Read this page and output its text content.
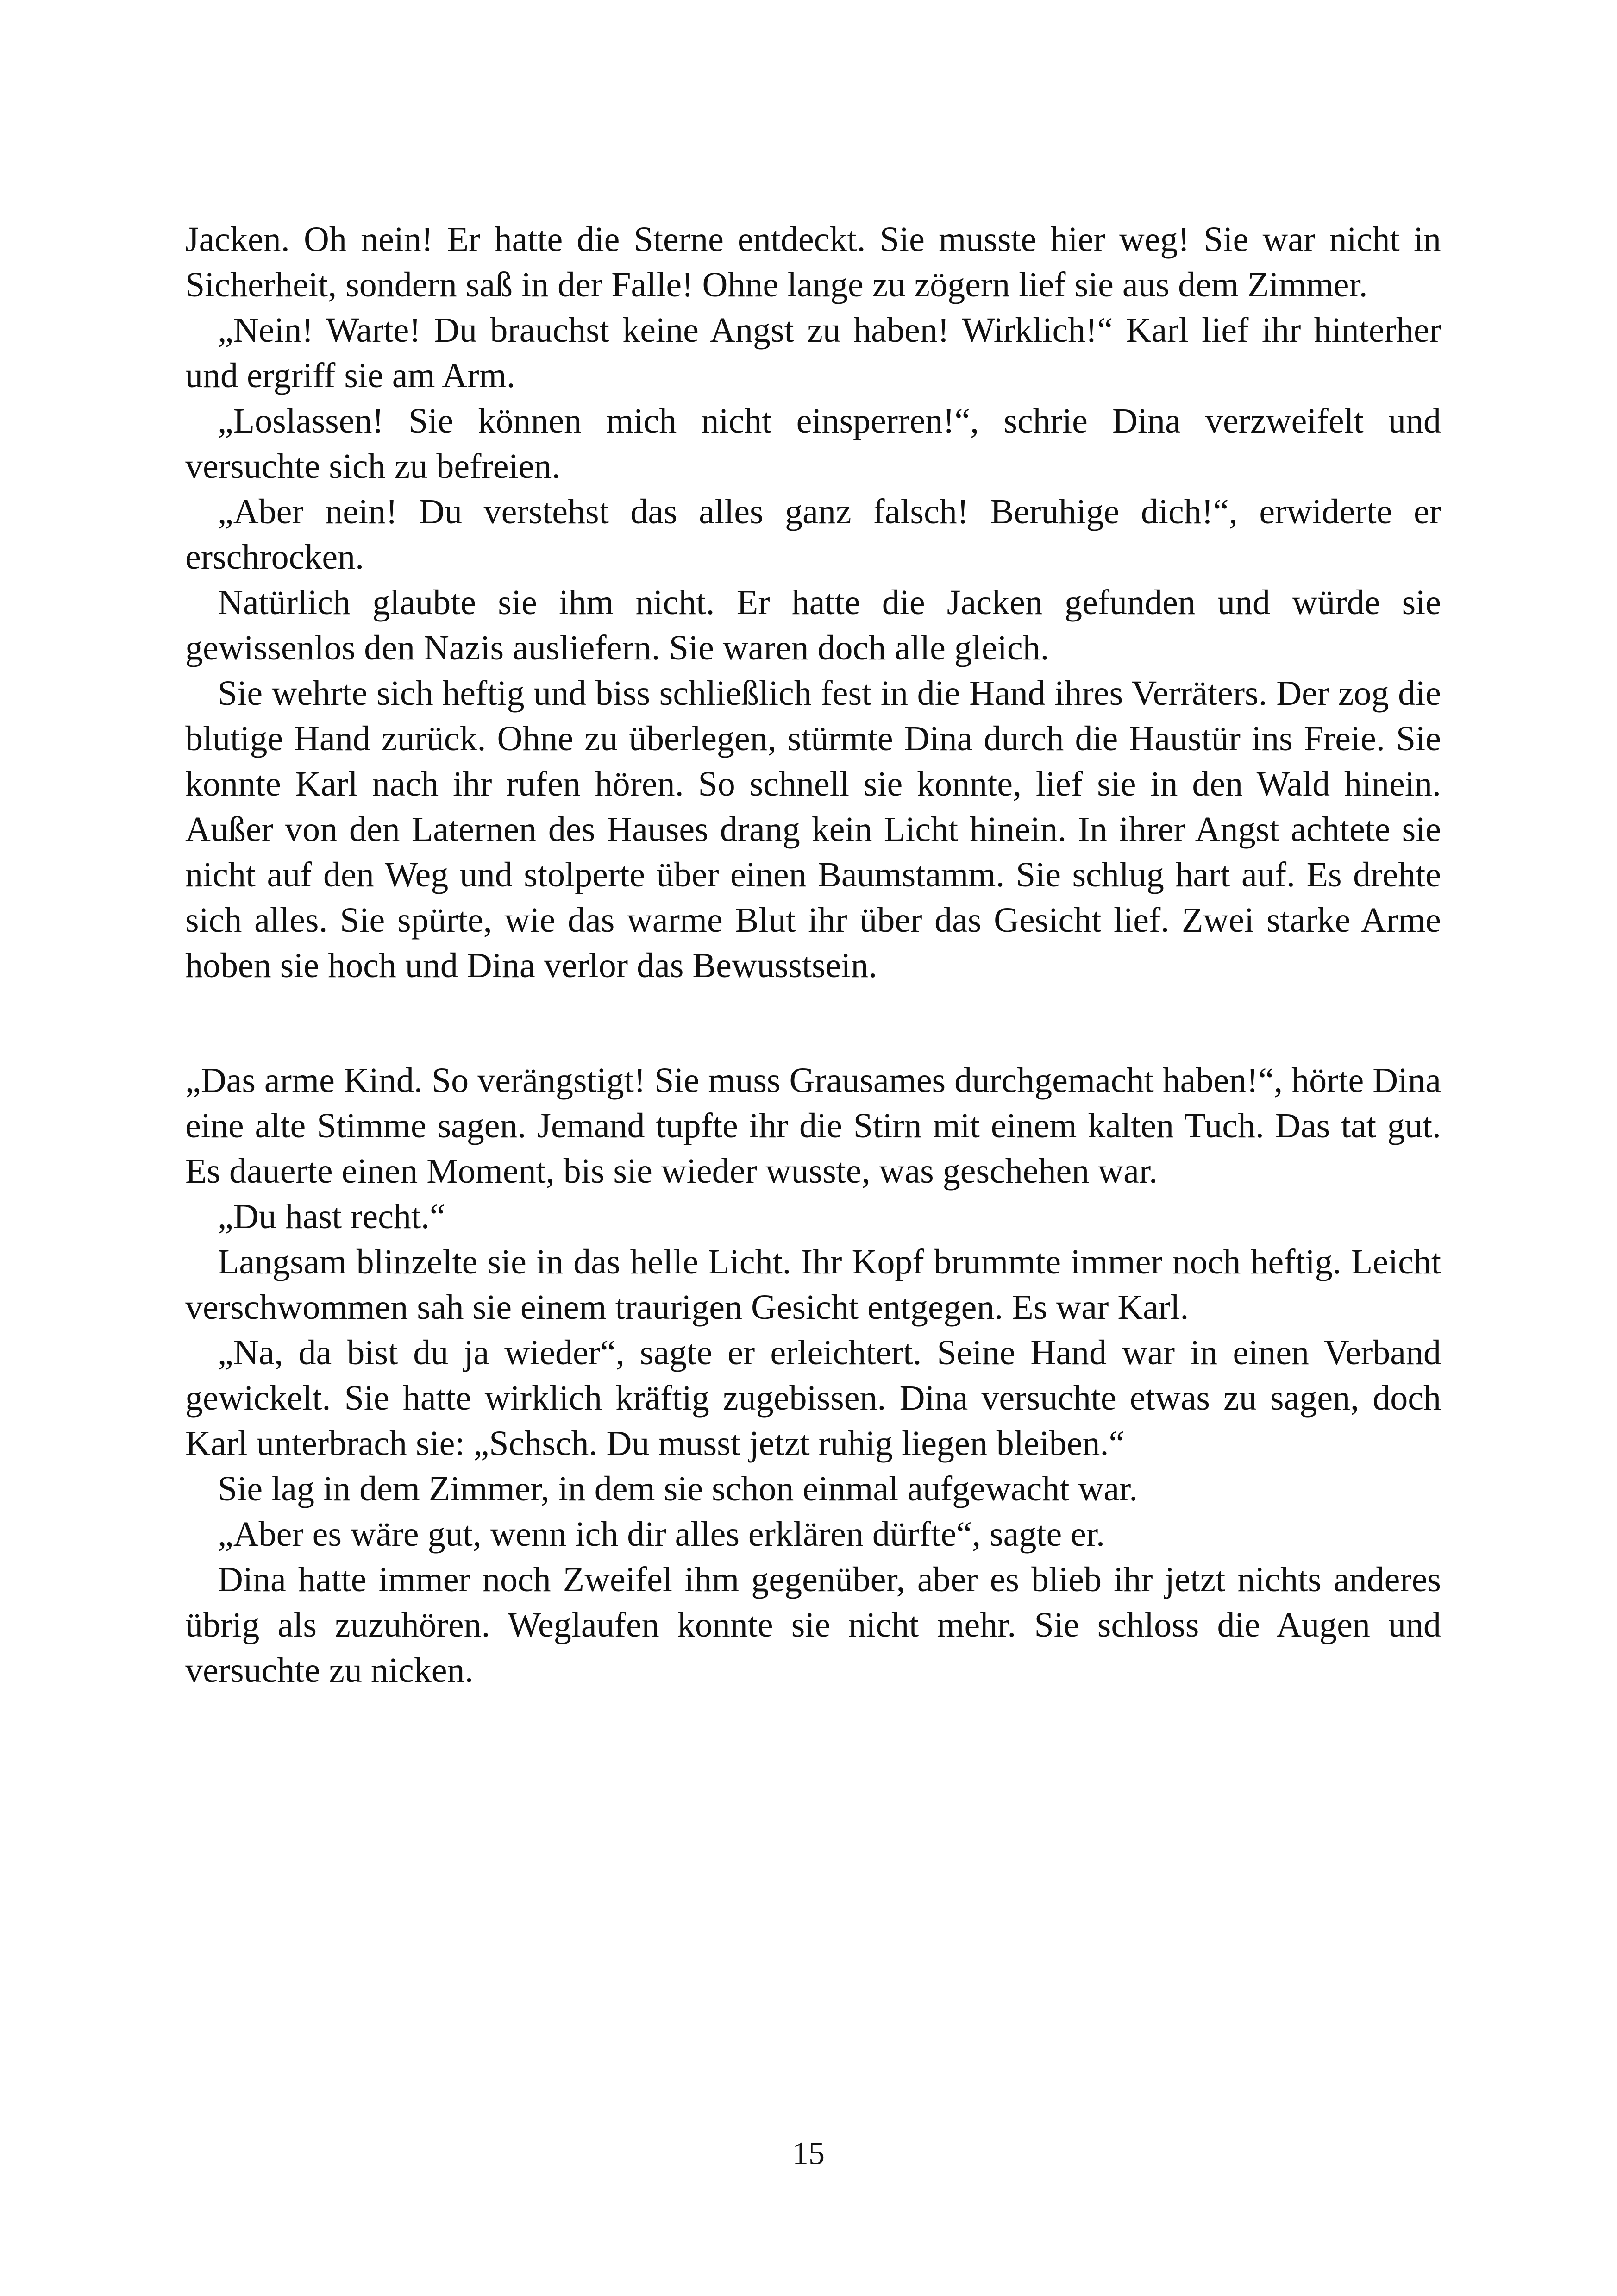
Jacken. Oh nein! Er hatte die Sterne entdeckt. Sie musste hier weg! Sie war nicht in Sicherheit, sondern saß in der Falle! Ohne lange zu zögern lief sie aus dem Zimmer.

„Nein! Warte! Du brauchst keine Angst zu haben! Wirklich!“ Karl lief ihr hinterher und ergriff sie am Arm.

„Loslassen! Sie können mich nicht einsperren!“, schrie Dina verzweifelt und versuchte sich zu befreien.

„Aber nein! Du verstehst das alles ganz falsch! Beruhige dich!“, erwiderte er erschrocken.

Natürlich glaubte sie ihm nicht. Er hatte die Jacken gefunden und würde sie gewissenlos den Nazis ausliefern. Sie waren doch alle gleich.

Sie wehrte sich heftig und biss schließlich fest in die Hand ihres Verräters. Der zog die blutige Hand zurück. Ohne zu überlegen, stürmte Dina durch die Haustür ins Freie. Sie konnte Karl nach ihr rufen hören. So schnell sie konnte, lief sie in den Wald hinein. Außer von den Laternen des Hauses drang kein Licht hinein. In ihrer Angst achtete sie nicht auf den Weg und stolperte über einen Baumstamm. Sie schlug hart auf. Es drehte sich alles. Sie spürte, wie das warme Blut ihr über das Gesicht lief. Zwei starke Arme hoben sie hoch und Dina verlor das Bewusstsein.

„Das arme Kind. So verängstigt! Sie muss Grausames durchgemacht haben!“, hörte Dina eine alte Stimme sagen. Jemand tupfte ihr die Stirn mit einem kalten Tuch. Das tat gut. Es dauerte einen Moment, bis sie wieder wusste, was geschehen war.

„Du hast recht.“

Langsam blinzelte sie in das helle Licht. Ihr Kopf brummte immer noch heftig. Leicht verschwommen sah sie einem traurigen Gesicht entgegen. Es war Karl.

„Na, da bist du ja wieder“, sagte er erleichtert. Seine Hand war in einen Verband gewickelt. Sie hatte wirklich kräftig zugebissen. Dina versuchte etwas zu sagen, doch Karl unterbrach sie: „Schsch. Du musst jetzt ruhig liegen bleiben.“

Sie lag in dem Zimmer, in dem sie schon einmal aufgewacht war.

„Aber es wäre gut, wenn ich dir alles erklären dürfte“, sagte er.

Dina hatte immer noch Zweifel ihm gegenüber, aber es blieb ihr jetzt nichts anderes übrig als zuzuhören. Weglaufen konnte sie nicht mehr. Sie schloss die Augen und versuchte zu nicken.

15
